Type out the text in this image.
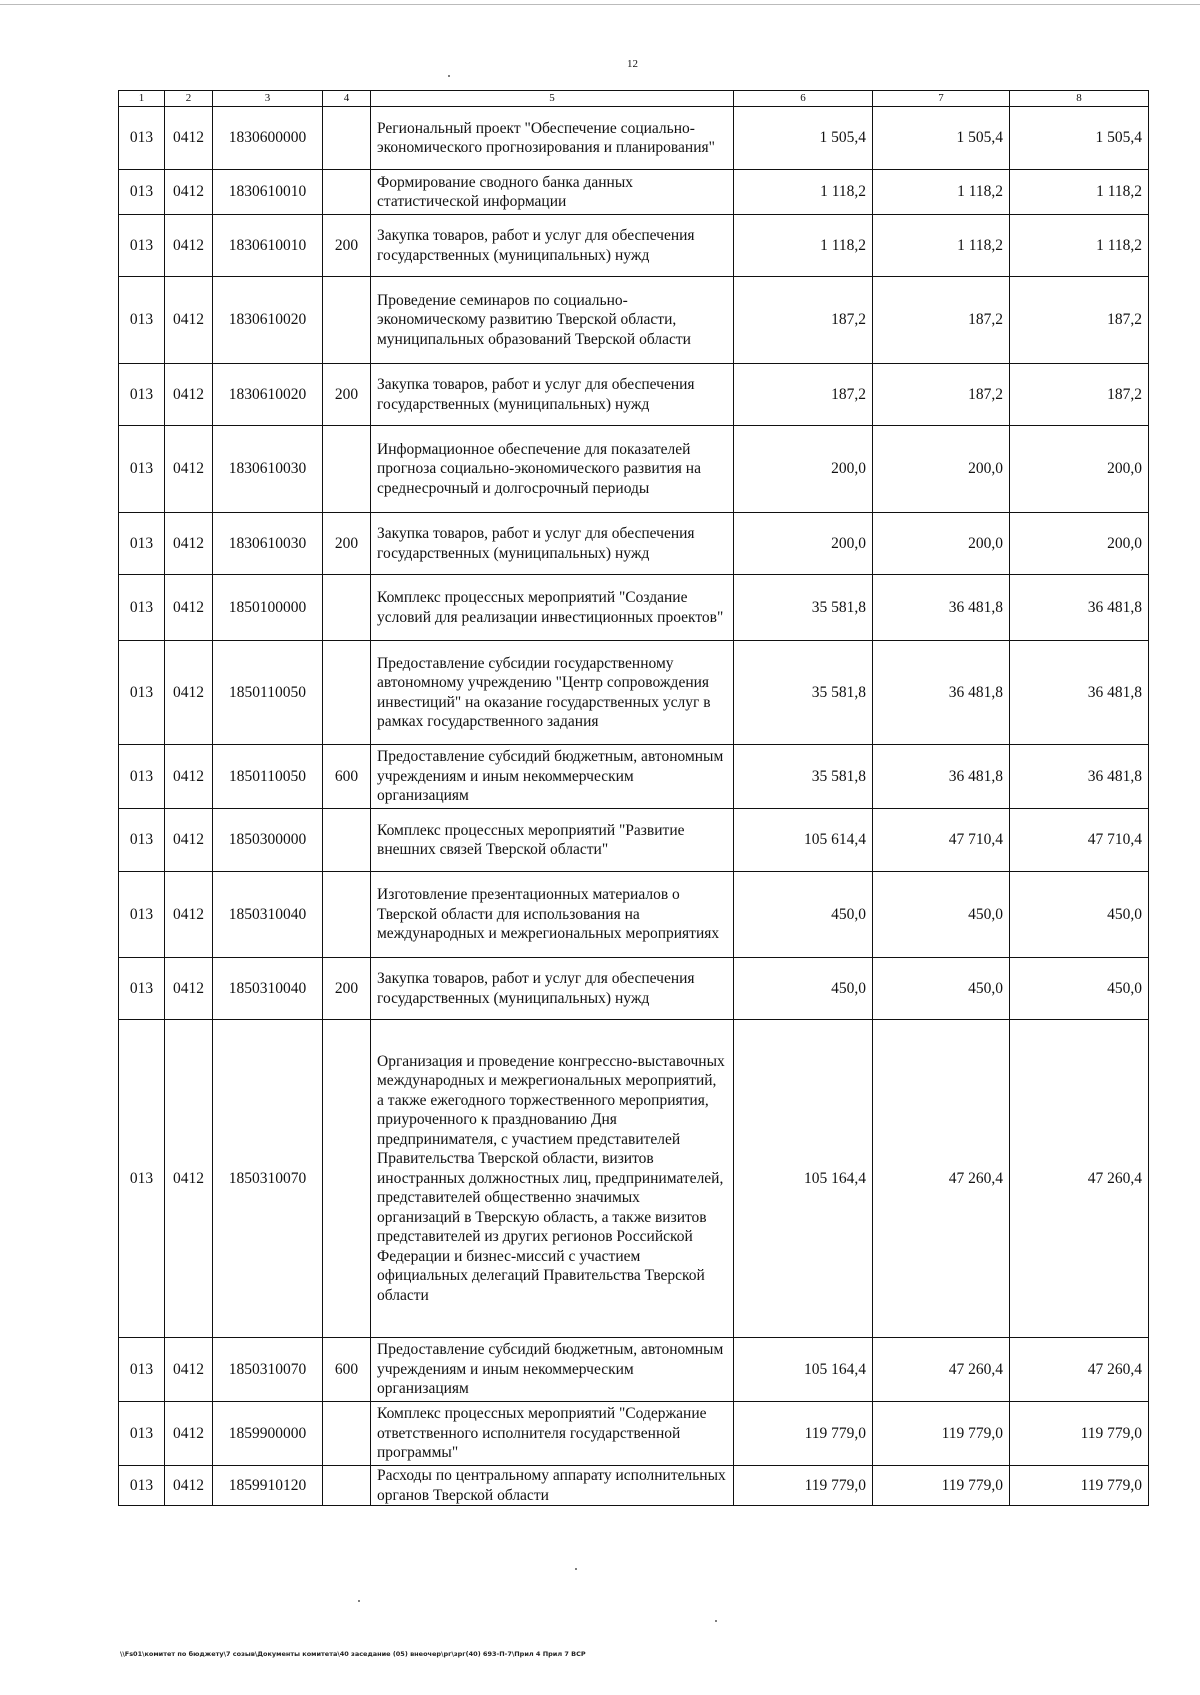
12
1	2	3	4	5	6	7	8
013	0412	1830600000		Региональный проект "Обеспечение социально-экономического прогнозирования и планирования"	1 505,4	1 505,4	1 505,4
013	0412	1830610010		Формирование сводного банка данных статистической информации	1 118,2	1 118,2	1 118,2
013	0412	1830610010	200	Закупка товаров, работ и услуг для обеспечения государственных (муниципальных) нужд	1 118,2	1 118,2	1 118,2
013	0412	1830610020		Проведение семинаров по социально-экономическому развитию Тверской области, муниципальных образований Тверской области	187,2	187,2	187,2
013	0412	1830610020	200	Закупка товаров, работ и услуг для обеспечения государственных (муниципальных) нужд	187,2	187,2	187,2
013	0412	1830610030		Информационное обеспечение для показателей прогноза социально-экономического развития на среднесрочный и долгосрочный периоды	200,0	200,0	200,0
013	0412	1830610030	200	Закупка товаров, работ и услуг для обеспечения государственных (муниципальных) нужд	200,0	200,0	200,0
013	0412	1850100000		Комплекс процессных мероприятий "Создание условий для реализации инвестиционных проектов"	35 581,8	36 481,8	36 481,8
013	0412	1850110050		Предоставление субсидии государственному автономному учреждению "Центр сопровождения инвестиций" на оказание государственных услуг в рамках государственного задания	35 581,8	36 481,8	36 481,8
013	0412	1850110050	600	Предоставление субсидий бюджетным, автономным учреждениям и иным некоммерческим организациям	35 581,8	36 481,8	36 481,8
013	0412	1850300000		Комплекс процессных мероприятий "Развитие внешних связей Тверской области"	105 614,4	47 710,4	47 710,4
013	0412	1850310040		Изготовление презентационных материалов о Тверской области для использования на международных и межрегиональных мероприятиях	450,0	450,0	450,0
013	0412	1850310040	200	Закупка товаров, работ и услуг для обеспечения государственных (муниципальных) нужд	450,0	450,0	450,0
013	0412	1850310070		Организация и проведение конгрессно-выставочных международных и межрегиональных мероприятий, а также ежегодного торжественного мероприятия, приуроченного к празднованию Дня предпринимателя, с участием представителей Правительства Тверской области, визитов иностранных должностных лиц, предпринимателей, представителей общественно значимых организаций в Тверскую область, а также визитов представителей из других регионов Российской Федерации и бизнес-миссий с участием официальных делегаций Правительства Тверской области	105 164,4	47 260,4	47 260,4
013	0412	1850310070	600	Предоставление субсидий бюджетным, автономным учреждениям и иным некоммерческим организациям	105 164,4	47 260,4	47 260,4
013	0412	1859900000		Комплекс процессных мероприятий "Содержание ответственного исполнителя государственной программы"	119 779,0	119 779,0	119 779,0
013	0412	1859910120		Расходы по центральному аппарату исполнительных органов Тверской области	119 779,0	119 779,0	119 779,0
\\Fs01\комитет по бюджету\7 созыв\Документы комитета\40 заседание (05) внеочер\рг\зрг(40) 693-П-7\Прил 4 Прил 7 ВСР
